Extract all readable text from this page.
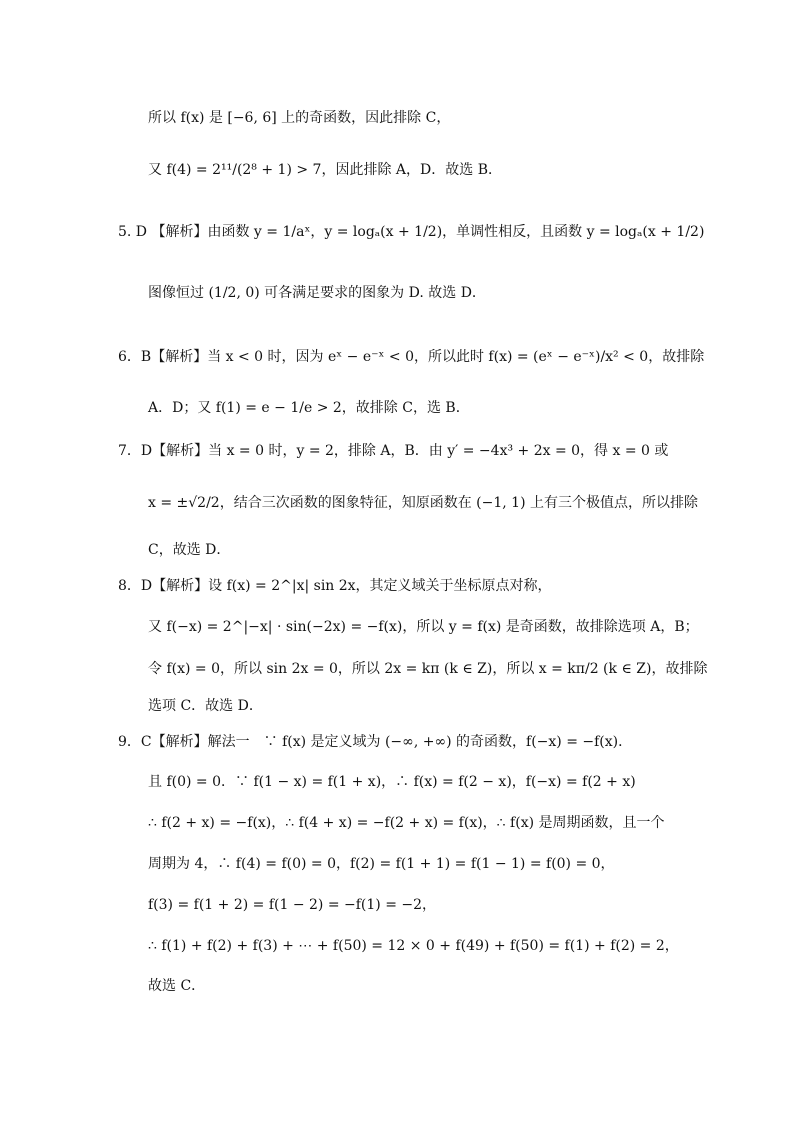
所以 f(x) 是 [−6, 6] 上的奇函数，因此排除 C，
又 f(4) = 2¹¹/(2⁸ + 1) > 7，因此排除 A，D．故选 B．
5. D 【解析】由函数 y = 1/aˣ，y = logₐ(x + 1/2)，单调性相反，且函数 y = logₐ(x + 1/2)
图像恒过 (1/2, 0) 可各满足要求的图象为 D. 故选 D．
6．B【解析】当 x < 0 时，因为 eˣ − e⁻ˣ < 0，所以此时 f(x) = (eˣ − e⁻ˣ)/x² < 0，故排除
A．D；又 f(1) = e − 1/e > 2，故排除 C，选 B．
7．D【解析】当 x = 0 时，y = 2，排除 A，B．由 y′ = −4x³ + 2x = 0，得 x = 0 或
x = ±√2/2，结合三次函数的图象特征，知原函数在 (−1, 1) 上有三个极值点，所以排除
C，故选 D．
8．D【解析】设 f(x) = 2^|x| sin 2x，其定义域关于坐标原点对称，
又 f(−x) = 2^|−x| · sin(−2x) = −f(x)，所以 y = f(x) 是奇函数，故排除选项 A，B；
令 f(x) = 0，所以 sin 2x = 0，所以 2x = kπ (k ∈ Z)，所以 x = kπ/2 (k ∈ Z)，故排除
选项 C．故选 D．
9．C【解析】解法一　∵ f(x) 是定义域为 (−∞, +∞) 的奇函数，f(−x) = −f(x)．
且 f(0) = 0．∵ f(1 − x) = f(1 + x)，∴ f(x) = f(2 − x)，f(−x) = f(2 + x)
∴ f(2 + x) = −f(x)，∴ f(4 + x) = −f(2 + x) = f(x)，∴ f(x) 是周期函数，且一个
周期为 4，∴ f(4) = f(0) = 0，f(2) = f(1 + 1) = f(1 − 1) = f(0) = 0，
f(3) = f(1 + 2) = f(1 − 2) = −f(1) = −2，
∴ f(1) + f(2) + f(3) + ⋯ + f(50) = 12 × 0 + f(49) + f(50) = f(1) + f(2) = 2，
故选 C．
